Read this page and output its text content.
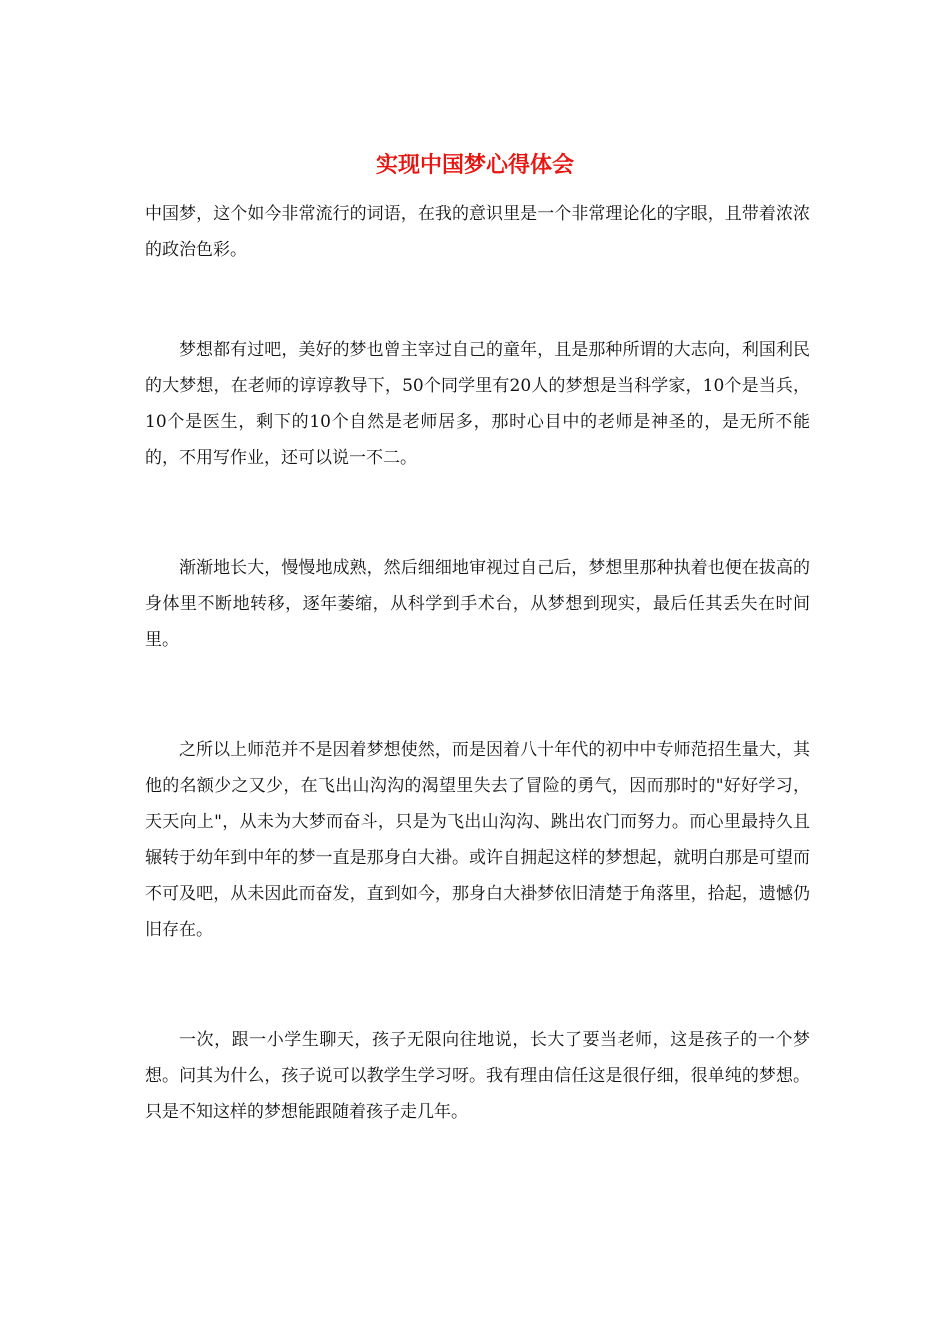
实现中国梦心得体会

中国梦，这个如今非常流行的词语，在我的意识里是一个非常理论化的字眼，且带着浓浓的政治色彩。

梦想都有过吧，美好的梦也曾主宰过自己的童年，且是那种所谓的大志向，利国利民的大梦想，在老师的谆谆教导下，50个同学里有20人的梦想是当科学家，10个是当兵，10个是医生，剩下的10个自然是老师居多，那时心目中的老师是神圣的，是无所不能的，不用写作业，还可以说一不二。

渐渐地长大，慢慢地成熟，然后细细地审视过自己后，梦想里那种执着也便在拔高的身体里不断地转移，逐年萎缩，从科学到手术台，从梦想到现实，最后任其丢失在时间里。

之所以上师范并不是因着梦想使然，而是因着八十年代的初中中专师范招生量大，其他的名额少之又少，在飞出山沟沟的渴望里失去了冒险的勇气，因而那时的"好好学习，天天向上"，从未为大梦而奋斗，只是为飞出山沟沟、跳出农门而努力。而心里最持久且辗转于幼年到中年的梦一直是那身白大褂。或许自拥起这样的梦想起，就明白那是可望而不可及吧，从未因此而奋发，直到如今，那身白大褂梦依旧清楚于角落里，拾起，遗憾仍旧存在。

一次，跟一小学生聊天，孩子无限向往地说，长大了要当老师，这是孩子的一个梦想。问其为什么，孩子说可以教学生学习呀。我有理由信任这是很仔细，很单纯的梦想。只是不知这样的梦想能跟随着孩子走几年。
